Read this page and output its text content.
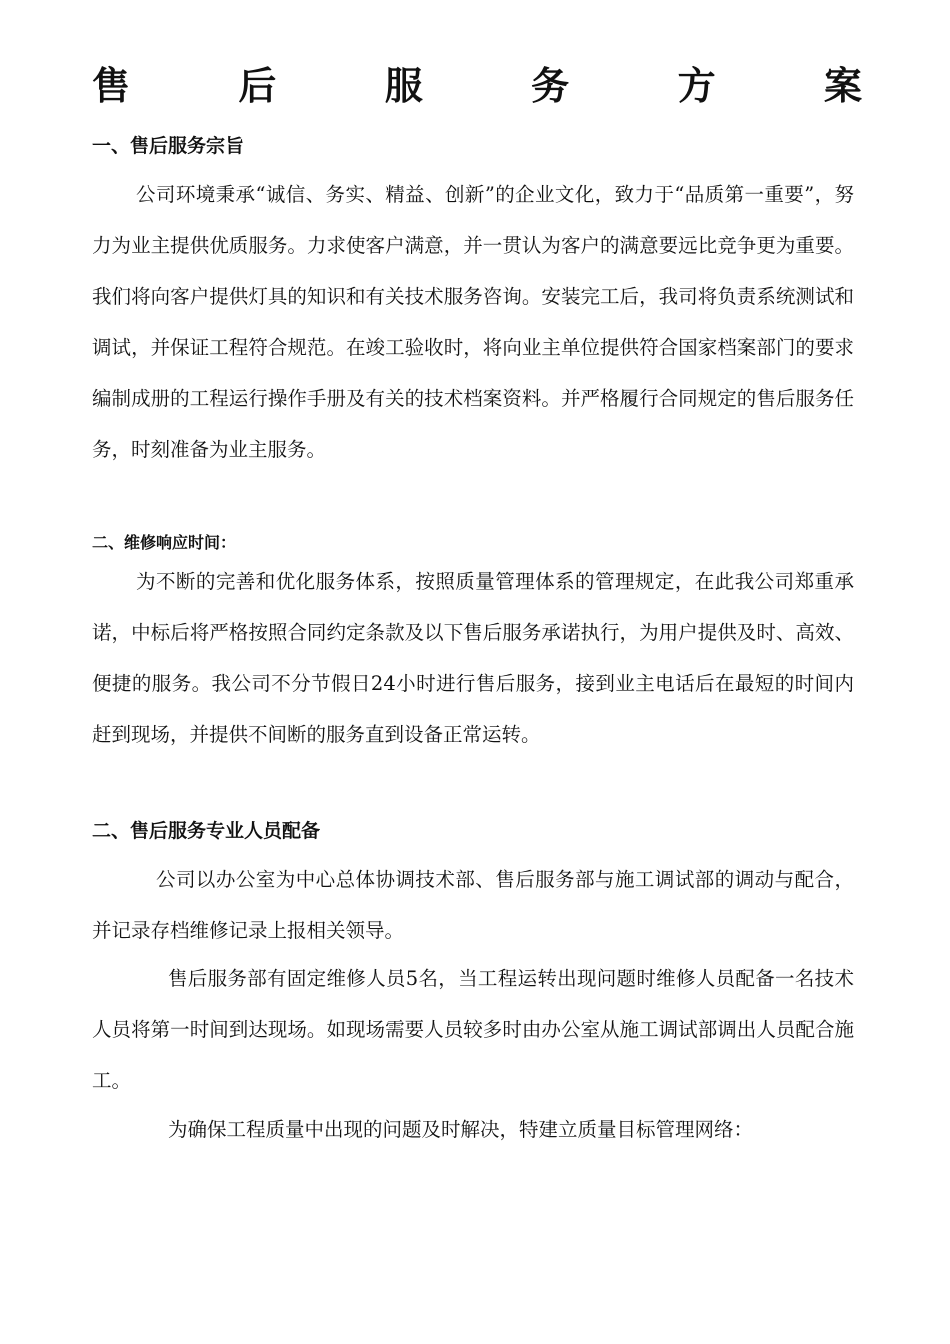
售	后	服	务	方	案
一、售后服务宗旨

公司环境秉承“诚信、务实、精益、创新”的企业文化，致力于“品质第一重要”，努力为业主提供优质服务。力求使客户满意，并一贯认为客户的满意要远比竞争更为重要。 我们将向客户提供灯具的知识和有关技术服务咨询。安装完工后，我司将负责系统测试和调试，并保证工程符合规范。在竣工验收时，将向业主单位提供符合国家档案部门的要求编制成册的工程运行操作手册及有关的技术档案资料。并严格履行合同规定的售后服务任务，时刻准备为业主服务。

二、维修响应时间：

为不断的完善和优化服务体系，按照质量管理体系的管理规定，在此我公司郑重承诺，中标后将严格按照合同约定条款及以下售后服务承诺执行，为用户提供及时、高效、便捷的服务。我公司不分节假日24小时进行售后服务，接到业主电话后在最短的时间内赶到现场，并提供不间断的服务直到设备正常运转。

二、售后服务专业人员配备

公司以办公室为中心总体协调技术部、售后服务部与施工调试部的调动与配合，并记录存档维修记录上报相关领导。

售后服务部有固定维修人员5名，当工程运转出现问题时维修人员配备一名技术人员将第一时间到达现场。如现场需要人员较多时由办公室从施工调试部调出人员配合施工。

为确保工程质量中出现的问题及时解决，特建立质量目标管理网络：
